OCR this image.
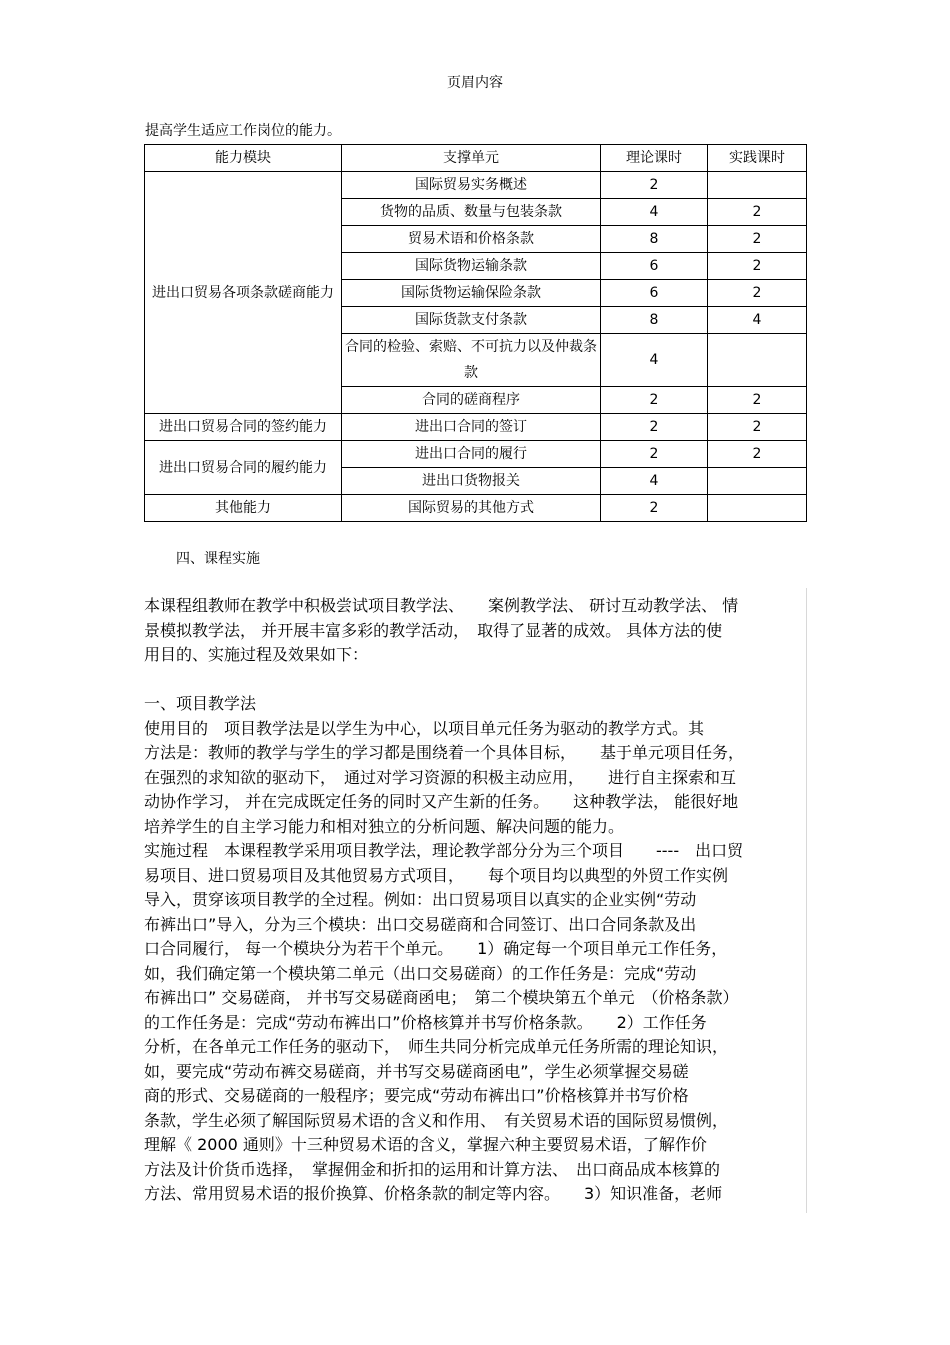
页眉内容
提高学生适应工作岗位的能力。
能力模块	支撑单元	理论课时	实践课时
进出口贸易各项条款磋商能力	国际贸易实务概述	2	
	货物的品质、数量与包装条款	4	2
	贸易术语和价格条款	8	2
	国际货物运输条款	6	2
	国际货物运输保险条款	6	2
	国际货款支付条款	8	4
	合同的检验、索赔、不可抗力以及仲裁条款	4	
	合同的磋商程序	2	2
进出口贸易合同的签约能力	进出口合同的签订	2	2
进出口贸易合同的履约能力	进出口合同的履行	2	2
	进出口货物报关	4	
其他能力	国际贸易的其他方式	2	
四、课程实施

本课程组教师在教学中积极尝试项目教学法、　　案例教学法、 研讨互动教学法、 情

景模拟教学法， 并开展丰富多彩的教学活动，　取得了显著的成效。 具体方法的使

用目的、实施过程及效果如下：

一、项目教学法

使用目的　项目教学法是以学生为中心，以项目单元任务为驱动的教学方式。其

方法是：教师的教学与学生的学习都是围绕着一个具体目标，　　基于单元项目任务，

在强烈的求知欲的驱动下，　通过对学习资源的积极主动应用，　　进行自主探索和互

动协作学习， 并在完成既定任务的同时又产生新的任务。　　这种教学法， 能很好地

培养学生的自主学习能力和相对独立的分析问题、解决问题的能力。

实施过程　本课程教学采用项目教学法，理论教学部分分为三个项目　　----　出口贸

易项目、进口贸易项目及其他贸易方式项目，　　每个项目均以典型的外贸工作实例

导入，贯穿该项目教学的全过程。例如：出口贸易项目以真实的企业实例“劳动

布裤出口”导入，分为三个模块：出口交易磋商和合同签订、出口合同条款及出

口合同履行， 每一个模块分为若干个单元。　　1）确定每一个项目单元工作任务，

如，我们确定第一个模块第二单元（出口交易磋商）的工作任务是：完成“劳动

布裤出口” 交易磋商， 并书写交易磋商函电；　第二个模块第五个单元　（价格条款）

的工作任务是：完成“劳动布裤出口”价格核算并书写价格条款。　　2）工作任务

分析，在各单元工作任务的驱动下，　师生共同分析完成单元任务所需的理论知识，

如，要完成“劳动布裤交易磋商，并书写交易磋商函电”，学生必须掌握交易磋

商的形式、交易磋商的一般程序；要完成“劳动布裤出口”价格核算并书写价格

条款，学生必须了解国际贸易术语的含义和作用、　有关贸易术语的国际贸易惯例，

理解《 2000 通则》十三种贸易术语的含义，掌握六种主要贸易术语，了解作价

方法及计价货币选择，　掌握佣金和折扣的运用和计算方法、　出口商品成本核算的

方法、常用贸易术语的报价换算、价格条款的制定等内容。　　3）知识准备，老师
